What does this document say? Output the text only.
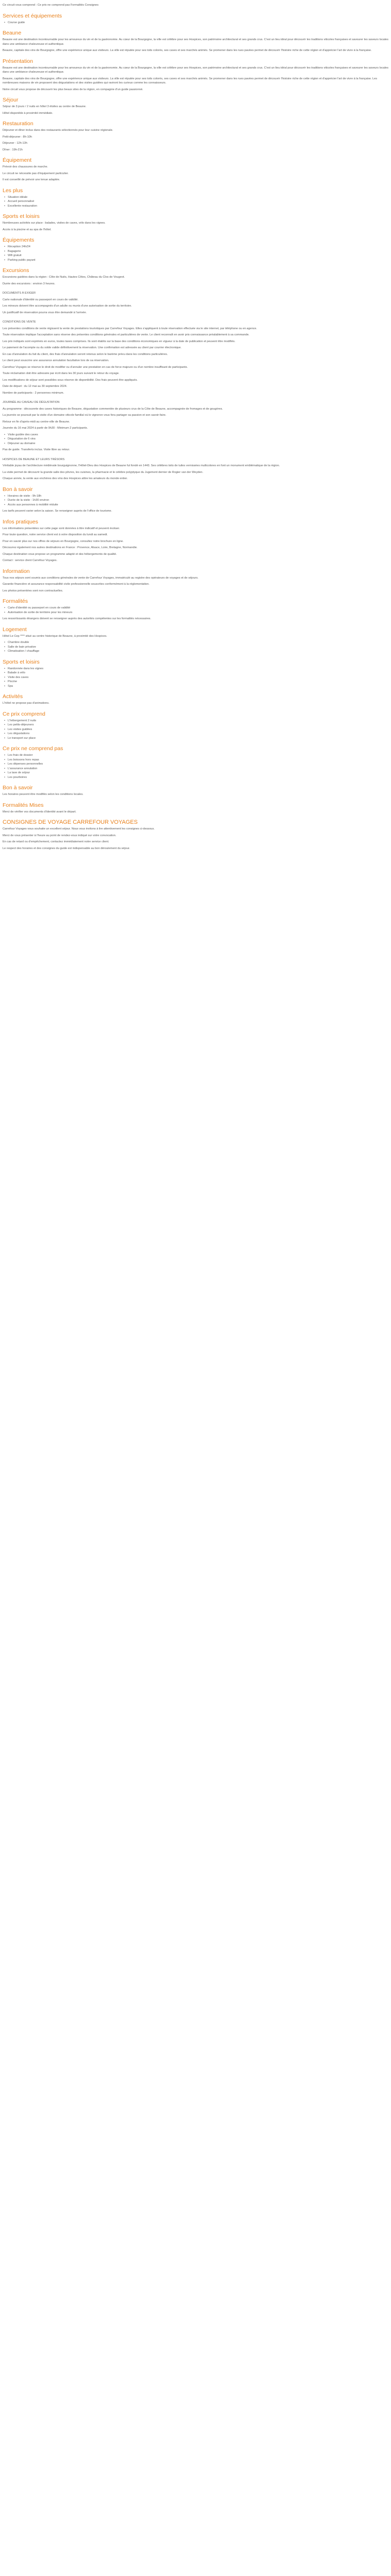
Ce circuit vous comprend : Ce prix ne comprend pas Formalités Consignes

Services et équipements
• Course guide
Beaune

Beaune est une destination incontournable pour les amoureux du vin et de la gastronomie. Au cœur de la Bourgogne, la ville est célèbre pour ses Hospices, son patrimoine architectural et ses grands crus. C'est un lieu idéal pour découvrir les traditions viticoles françaises et savourer les saveurs locales dans une ambiance chaleureuse et authentique.

Beaune, capitale des vins de Bourgogne, offre une expérience unique aux visiteurs. La ville est réputée pour ses toits colorés, ses caves et ses marchés animés. Se promener dans les rues pavées permet de découvrir l'histoire riche de cette région et d'apprécier l'art de vivre à la française.

Présentation

Beaune est une destination incontournable pour les amoureux du vin et de la gastronomie. Au cœur de la Bourgogne, la ville est célèbre pour ses Hospices, son patrimoine architectural et ses grands crus. C'est un lieu idéal pour découvrir les traditions viticoles françaises et savourer les saveurs locales dans une ambiance chaleureuse et authentique.

Beaune, capitale des vins de Bourgogne, offre une expérience unique aux visiteurs. La ville est réputée pour ses toits colorés, ses caves et ses marchés animés. Se promener dans les rues pavées permet de découvrir l'histoire riche de cette région et d'apprécier l'art de vivre à la française. Les nombreuses maisons de vin proposent des dégustations et des visites guidées qui raviront les curieux comme les connaisseurs.

Notre circuit vous propose de découvrir les plus beaux sites de la région, en compagnie d'un guide passionné.

Séjour

Séjour de 3 jours / 2 nuits en hôtel 3 étoiles au centre de Beaune.

Hôtel disponible à proximité immédiate.

Restauration

Déjeuner et dîner inclus dans des restaurants sélectionnés pour leur cuisine régionale.

Petit-déjeuner : 8h-10h

Déjeuner : 12h-13h

Dîner : 19h-21h

Équipement

Prévoir des chaussures de marche.

Le circuit ne nécessite pas d'équipement particulier.

Il est conseillé de prévoir une tenue adaptée.

Les plus
• Situation idéale
• Accueil personnalisé
• Excellente restauration
Sports et loisirs

Nombreuses activités sur place : balades, visites de caves, vélo dans les vignes.

Accès à la piscine et au spa de l'hôtel.

Équipements
• Réception 24h/24
• Bagagerie
• Wifi gratuit
• Parking public payant
Excursions

Excursions guidées dans la région : Côte de Nuits, Hautes Côtes, Château du Clos de Vougeot.

Durée des excursions : environ 3 heures.

DOCUMENTS À EXIGER

Carte nationale d'identité ou passeport en cours de validité.

Les mineurs doivent être accompagnés d'un adulte ou munis d'une autorisation de sortie du territoire.

Un justificatif de réservation pourra vous être demandé à l'arrivée.

CONDITIONS DE VENTE

Les présentes conditions de vente régissent la vente de prestations touristiques par Carrefour Voyages. Elles s'appliquent à toute réservation effectuée via le site internet, par téléphone ou en agence.

Toute réservation implique l'acceptation sans réserve des présentes conditions générales et particulières de vente. Le client reconnaît en avoir pris connaissance préalablement à sa commande.

Les prix indiqués sont exprimés en euros, toutes taxes comprises. Ils sont établis sur la base des conditions économiques en vigueur à la date de publication et peuvent être modifiés.

Le paiement de l'acompte ou du solde valide définitivement la réservation. Une confirmation est adressée au client par courrier électronique.

En cas d'annulation du fait du client, des frais d'annulation seront retenus selon le barème prévu dans les conditions particulières.

Le client peut souscrire une assurance annulation facultative lors de sa réservation.

Carrefour Voyages se réserve le droit de modifier ou d'annuler une prestation en cas de force majeure ou d'un nombre insuffisant de participants.

Toute réclamation doit être adressée par écrit dans les 30 jours suivant le retour du voyage.

Les modifications de séjour sont possibles sous réserve de disponibilité. Des frais peuvent être appliqués.

Date de départ : du 12 mai au 30 septembre 2024.

Nombre de participants : 2 personnes minimum.

JOURNÉE AU CAVEAU DE DÉGUSTATION

Au programme : découverte des caves historiques de Beaune, dégustation commentée de plusieurs crus de la Côte de Beaune, accompagnée de fromages et de gougères.

La journée se poursuit par la visite d'un domaine viticole familial où le vigneron vous fera partager sa passion et son savoir-faire.

Retour en fin d'après-midi au centre-ville de Beaune.

Journée du 16 mai 2024 à partir de 9h30 - Minimum 2 participants.

• Visite guidée des caves
• Dégustation de 6 vins
• Déjeuner au domaine

Pas de guide. Transferts inclus. Visite libre au retour.

HOSPICES DE BEAUNE ET LEURS TRÉSORS

Véritable joyau de l'architecture médiévale bourguignonne, l'Hôtel-Dieu des Hospices de Beaune fut fondé en 1443. Ses célèbres toits de tuiles vernissées multicolores en font un monument emblématique de la région.

La visite permet de découvrir la grande salle des pôvres, les cuisines, la pharmacie et le célèbre polyptyque du Jugement dernier de Rogier van der Weyden.

Chaque année, la vente aux enchères des vins des Hospices attire les amateurs du monde entier.

Bon à savoir
• Horaires de visite : 9h-18h
• Durée de la visite : 1h30 environ
• Accès aux personnes à mobilité réduite

Les tarifs peuvent varier selon la saison. Se renseigner auprès de l'office de tourisme.

Infos pratiques

Les informations présentées sur cette page sont données à titre indicatif et peuvent évoluer.

Pour toute question, notre service client est à votre disposition du lundi au samedi.

Pour en savoir plus sur nos offres de séjours en Bourgogne, consultez notre brochure en ligne.

Découvrez également nos autres destinations en France : Provence, Alsace, Loire, Bretagne, Normandie.

Chaque destination vous propose un programme adapté et des hébergements de qualité.

Contact : service client Carrefour Voyages.

Information

Tous nos séjours sont soumis aux conditions générales de vente de Carrefour Voyages, immatriculé au registre des opérateurs de voyages et de séjours.

Garantie financière et assurance responsabilité civile professionnelle souscrites conformément à la réglementation.

Les photos présentées sont non contractuelles.

Formalités
• Carte d'identité ou passeport en cours de validité
• Autorisation de sortie de territoire pour les mineurs

Les ressortissants étrangers doivent se renseigner auprès des autorités compétentes sur les formalités nécessaires.

Logement

Hôtel Le Cep **** situé au centre historique de Beaune, à proximité des Hospices.

• Chambre double
• Salle de bain privative
• Climatisation / chauffage
Sports et loisirs
• Randonnée dans les vignes
• Balade à vélo
• Visite des caves
• Piscine
• Spa
Activités

L'hôtel ne propose pas d'animations.

Ce prix comprend
• L'hébergement 2 nuits
• Les petits-déjeuners
• Les visites guidées
• Les dégustations
• Le transport sur place
Ce prix ne comprend pas
• Les frais de dossier
• Les boissons hors repas
• Les dépenses personnelles
• L'assurance annulation
• La taxe de séjour
• Les pourboires
Bon à savoir

Les horaires peuvent être modifiés selon les conditions locales.

Formalités Mises

Merci de vérifier vos documents d'identité avant le départ.

CONSIGNES DE VOYAGE CARREFOUR VOYAGES

Carrefour Voyages vous souhaite un excellent séjour. Nous vous invitons à lire attentivement les consignes ci-dessous.

Merci de vous présenter à l'heure au point de rendez-vous indiqué sur votre convocation.

En cas de retard ou d'empêchement, contactez immédiatement notre service client.

Le respect des horaires et des consignes du guide est indispensable au bon déroulement du séjour.
